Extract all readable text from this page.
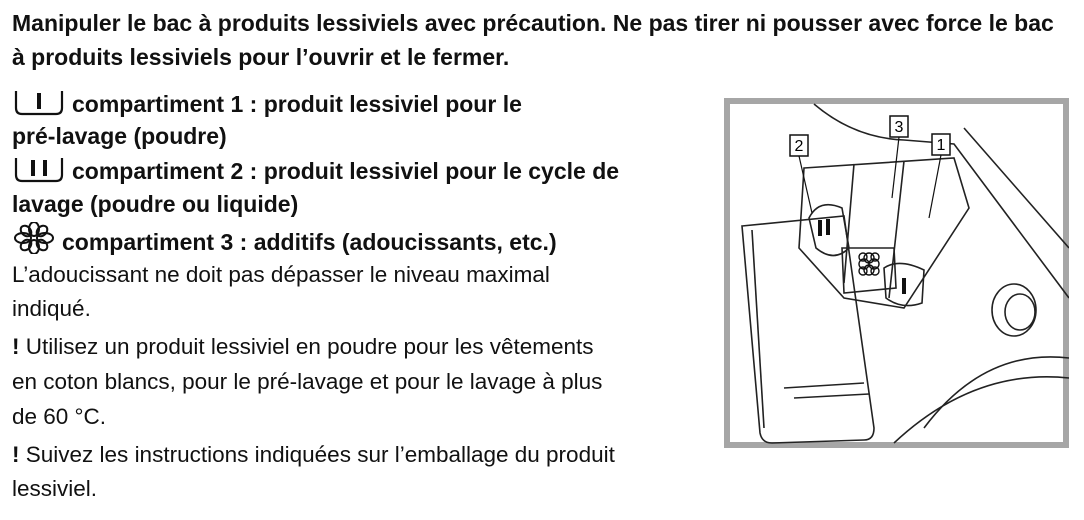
Manipuler le bac à produits lessiviels avec précaution. Ne pas tirer ni pousser avec force le bac à produits lessiviels pour l’ouvrir et le fermer.
compartiment 1 : produit lessiviel pour le
pré-lavage (poudre)
compartiment 2 : produit lessiviel pour le cycle de
lavage (poudre ou liquide)
compartiment 3 : additifs (adoucissants, etc.)
L’adoucissant ne doit pas dépasser le niveau maximal
indiqué.
! Utilisez un produit lessiviel en poudre pour les vêtements
en coton blancs, pour le pré-lavage et pour le lavage à plus
de 60 °C.
! Suivez les instructions indiquées sur l’emballage du produit
lessiviel.
2
3
1
